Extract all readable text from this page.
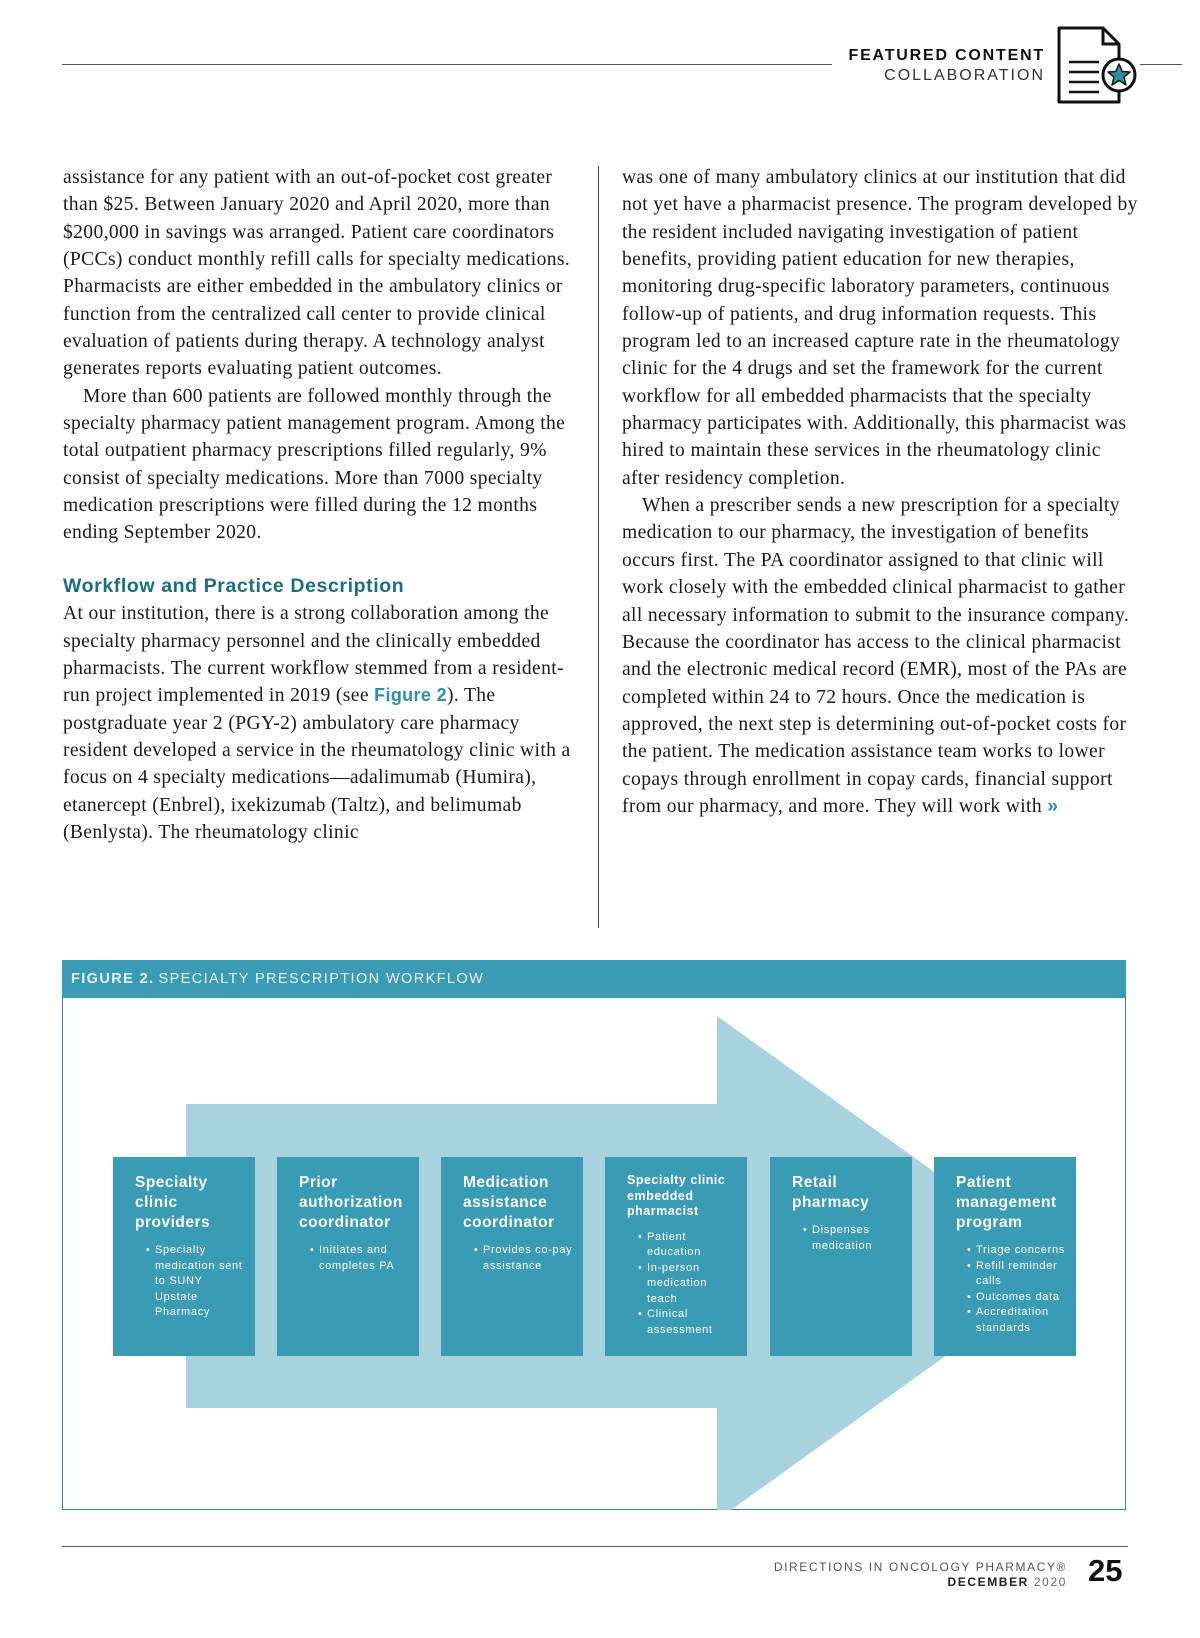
FEATURED CONTENT
COLLABORATION

assistance for any patient with an out-of-pocket cost greater than $25. Between January 2020 and April 2020, more than $200,000 in savings was arranged. Patient care coordinators (PCCs) conduct monthly refill calls for specialty medications. Pharmacists are either embedded in the ambulatory clinics or function from the centralized call center to provide clinical evaluation of patients during therapy. A technology analyst generates reports evaluating patient outcomes.

More than 600 patients are followed monthly through the specialty pharmacy patient management program. Among the total outpatient pharmacy prescriptions filled regularly, 9% consist of specialty medications. More than 7000 specialty medication prescriptions were filled during the 12 months ending September 2020.

Workflow and Practice Description

At our institution, there is a strong collaboration among the specialty pharmacy personnel and the clinically embedded pharmacists. The current workflow stemmed from a resident-run project implemented in 2019 (see Figure 2). The postgraduate year 2 (PGY-2) ambulatory care pharmacy resident developed a service in the rheumatology clinic with a focus on 4 specialty medications—adalimumab (Humira), etanercept (Enbrel), ixekizumab (Taltz), and belimumab (Benlysta). The rheumatology clinic

was one of many ambulatory clinics at our institution that did not yet have a pharmacist presence. The program developed by the resident included navigating investigation of patient benefits, providing patient education for new therapies, monitoring drug-specific laboratory parameters, continuous follow-up of patients, and drug information requests. This program led to an increased capture rate in the rheumatology clinic for the 4 drugs and set the framework for the current workflow for all embedded pharmacists that the specialty pharmacy participates with. Additionally, this pharmacist was hired to maintain these services in the rheumatology clinic after residency completion.

When a prescriber sends a new prescription for a specialty medication to our pharmacy, the investigation of benefits occurs first. The PA coordinator assigned to that clinic will work closely with the embedded clinical pharmacist to gather all necessary information to submit to the insurance company. Because the coordinator has access to the clinical pharmacist and the electronic medical record (EMR), most of the PAs are completed within 24 to 72 hours. Once the medication is approved, the next step is determining out-of-pocket costs for the patient. The medication assistance team works to lower copays through enrollment in copay cards, financial support from our pharmacy, and more. They will work with »

FIGURE 2. SPECIALTY PRESCRIPTION WORKFLOW
Specialty clinic providers
• Specialty medication sent to SUNY Upstate Pharmacy
Prior authorization coordinator
• Initiates and completes PA
Medication assistance coordinator
• Provides co-pay assistance
Specialty clinic embedded pharmacist
• Patient education
• In-person medication teach
• Clinical assessment
Retail pharmacy
• Dispenses medication
Patient management program
• Triage concerns
• Refill reminder calls
• Outcomes data
• Accreditation standards
DIRECTIONS IN ONCOLOGY PHARMACY®
DECEMBER 2020 25
